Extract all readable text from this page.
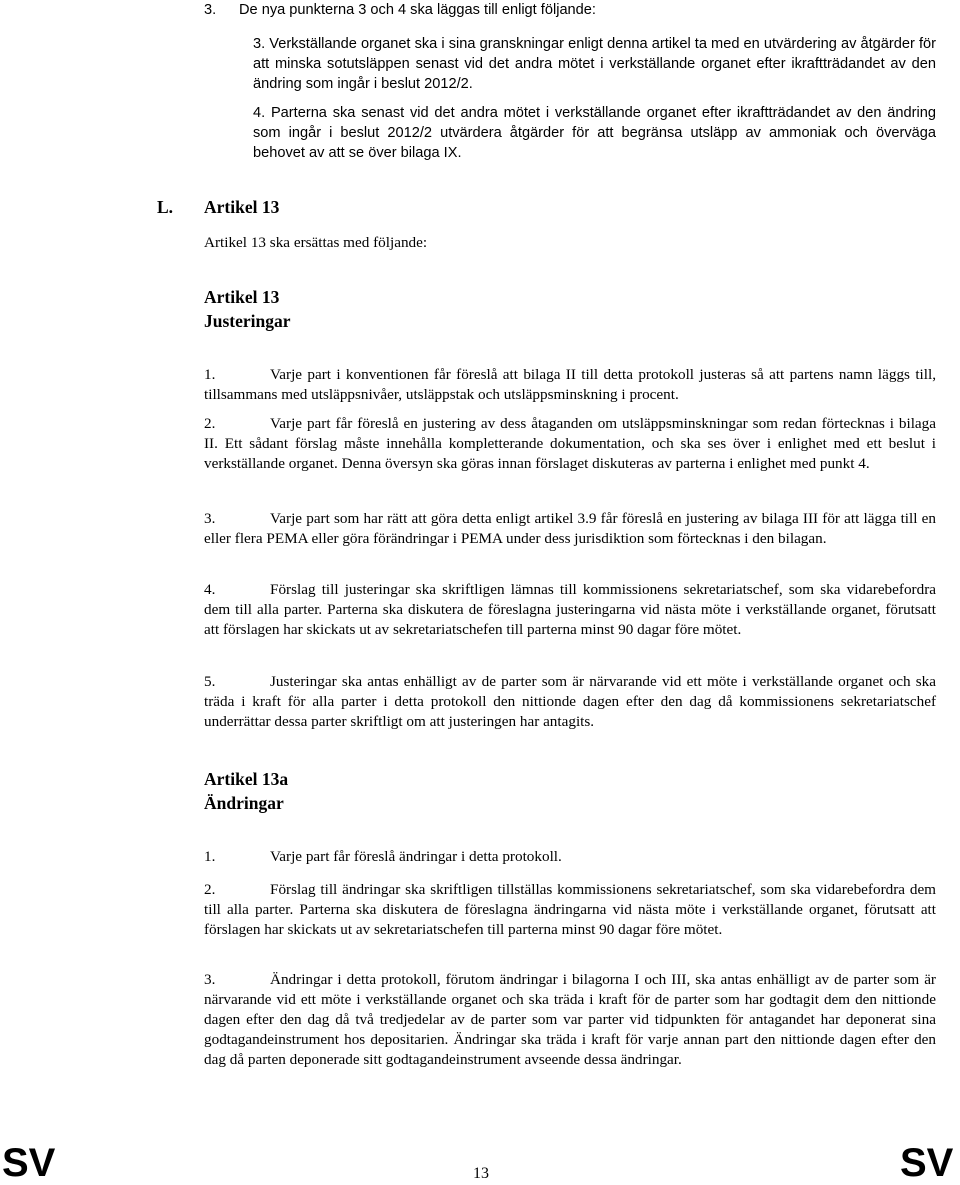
3. De nya punkterna 3 och 4 ska läggas till enligt följande:
3. Verkställande organet ska i sina granskningar enligt denna artikel ta med en utvärdering av åtgärder för att minska sotutsläppen senast vid det andra mötet i verkställande organet efter ikraftträdandet av den ändring som ingår i beslut 2012/2.
4. Parterna ska senast vid det andra mötet i verkställande organet efter ikraftträdandet av den ändring som ingår i beslut 2012/2 utvärdera åtgärder för att begränsa utsläpp av ammoniak och överväga behovet av att se över bilaga IX.
L. Artikel 13
Artikel 13 ska ersättas med följande:
Artikel 13
Justeringar
1.	Varje part i konventionen får föreslå att bilaga II till detta protokoll justeras så att partens namn läggs till, tillsammans med utsläppsnivåer, utsläppstak och utsläppsminskning i procent.
2.	Varje part får föreslå en justering av dess åtaganden om utsläppsminskningar som redan förtecknas i bilaga II. Ett sådant förslag måste innehålla kompletterande dokumentation, och ska ses över i enlighet med ett beslut i verkställande organet. Denna översyn ska göras innan förslaget diskuteras av parterna i enlighet med punkt 4.
3.	Varje part som har rätt att göra detta enligt artikel 3.9 får föreslå en justering av bilaga III för att lägga till en eller flera PEMA eller göra förändringar i PEMA under dess jurisdiktion som förtecknas i den bilagan.
4.	Förslag till justeringar ska skriftligen lämnas till kommissionens sekretariatschef, som ska vidarebefordra dem till alla parter. Parterna ska diskutera de föreslagna justeringarna vid nästa möte i verkställande organet, förutsatt att förslagen har skickats ut av sekretariatschefen till parterna minst 90 dagar före mötet.
5.	Justeringar ska antas enhälligt av de parter som är närvarande vid ett möte i verkställande organet och ska träda i kraft för alla parter i detta protokoll den nittionde dagen efter den dag då kommissionens sekretariatschef underrättar dessa parter skriftligt om att justeringen har antagits.
Artikel 13a
Ändringar
1.	Varje part får föreslå ändringar i detta protokoll.
2.	Förslag till ändringar ska skriftligen tillställas kommissionens sekretariatschef, som ska vidarebefordra dem till alla parter. Parterna ska diskutera de föreslagna ändringarna vid nästa möte i verkställande organet, förutsatt att förslagen har skickats ut av sekretariatschefen till parterna minst 90 dagar före mötet.
3.	Ändringar i detta protokoll, förutom ändringar i bilagorna I och III, ska antas enhälligt av de parter som är närvarande vid ett möte i verkställande organet och ska träda i kraft för de parter som har godtagit dem den nittionde dagen efter den dag då två tredjedelar av de parter som var parter vid tidpunkten för antagandet har deponerat sina godtagandeinstrument hos depositarien. Ändringar ska träda i kraft för varje annan part den nittionde dagen efter den dag då parten deponerade sitt godtagandeinstrument avseende dessa ändringar.
SV	13	SV
